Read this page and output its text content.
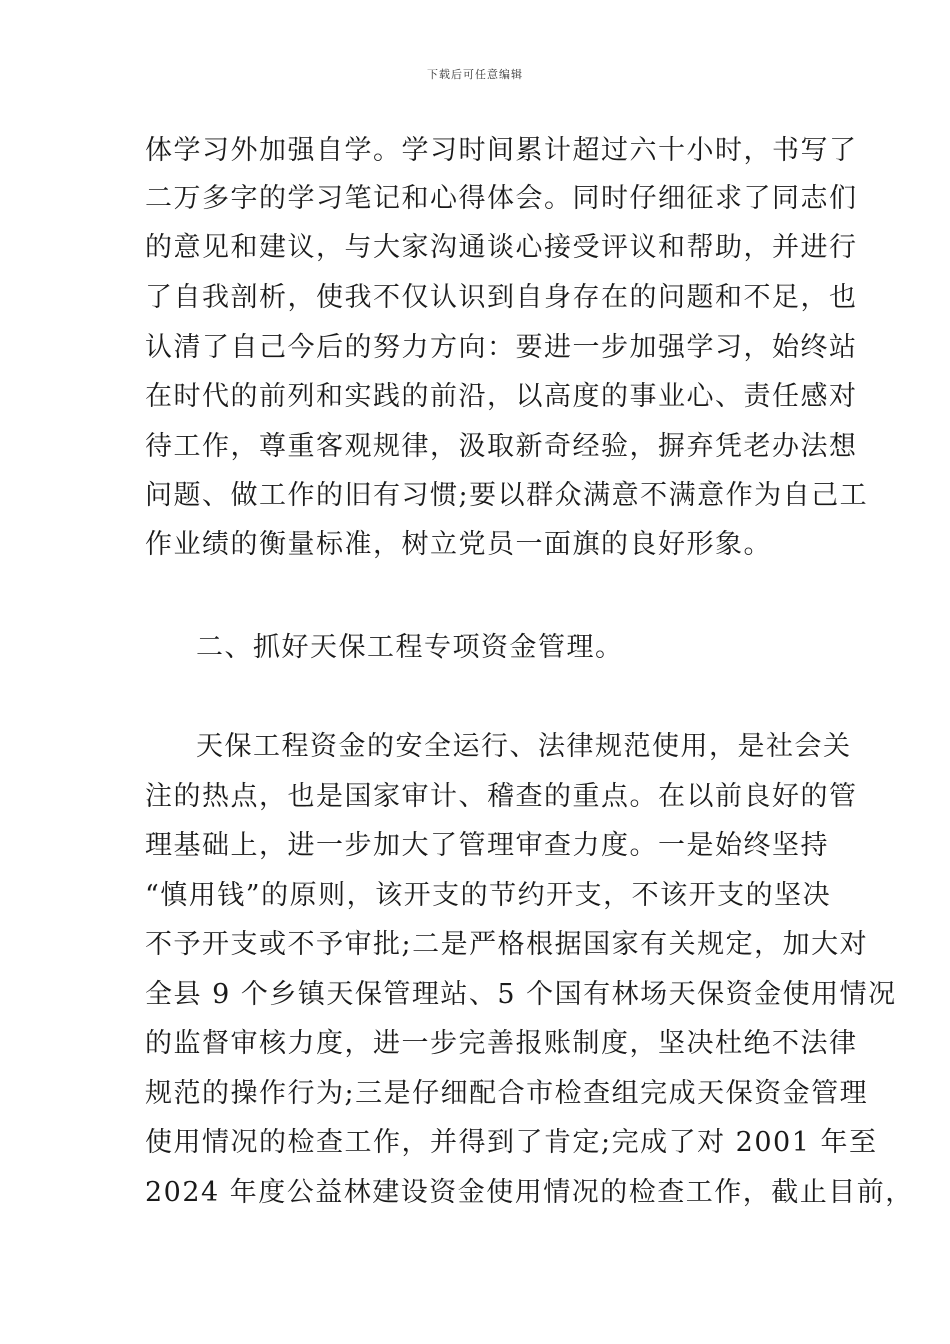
下载后可任意编辑
体学习外加强自学。学习时间累计超过六十小时，书写了
二万多字的学习笔记和心得体会。同时仔细征求了同志们
的意见和建议，与大家沟通谈心接受评议和帮助，并进行
了自我剖析，使我不仅认识到自身存在的问题和不足，也
认清了自己今后的努力方向：要进一步加强学习，始终站
在时代的前列和实践的前沿，以高度的事业心、责任感对
待工作，尊重客观规律，汲取新奇经验，摒弃凭老办法想
问题、做工作的旧有习惯;要以群众满意不满意作为自己工
作业绩的衡量标准，树立党员一面旗的良好形象。
二、抓好天保工程专项资金管理。
天保工程资金的安全运行、法律规范使用，是社会关
注的热点，也是国家审计、稽查的重点。在以前良好的管
理基础上，进一步加大了管理审查力度。一是始终坚持
“慎用钱”的原则，该开支的节约开支，不该开支的坚决
不予开支或不予审批;二是严格根据国家有关规定，加大对
全县 9 个乡镇天保管理站、5 个国有林场天保资金使用情况
的监督审核力度，进一步完善报账制度，坚决杜绝不法律
规范的操作行为;三是仔细配合市检查组完成天保资金管理
使用情况的检查工作，并得到了肯定;完成了对 2001 年至
2024 年度公益林建设资金使用情况的检查工作，截止目前，
